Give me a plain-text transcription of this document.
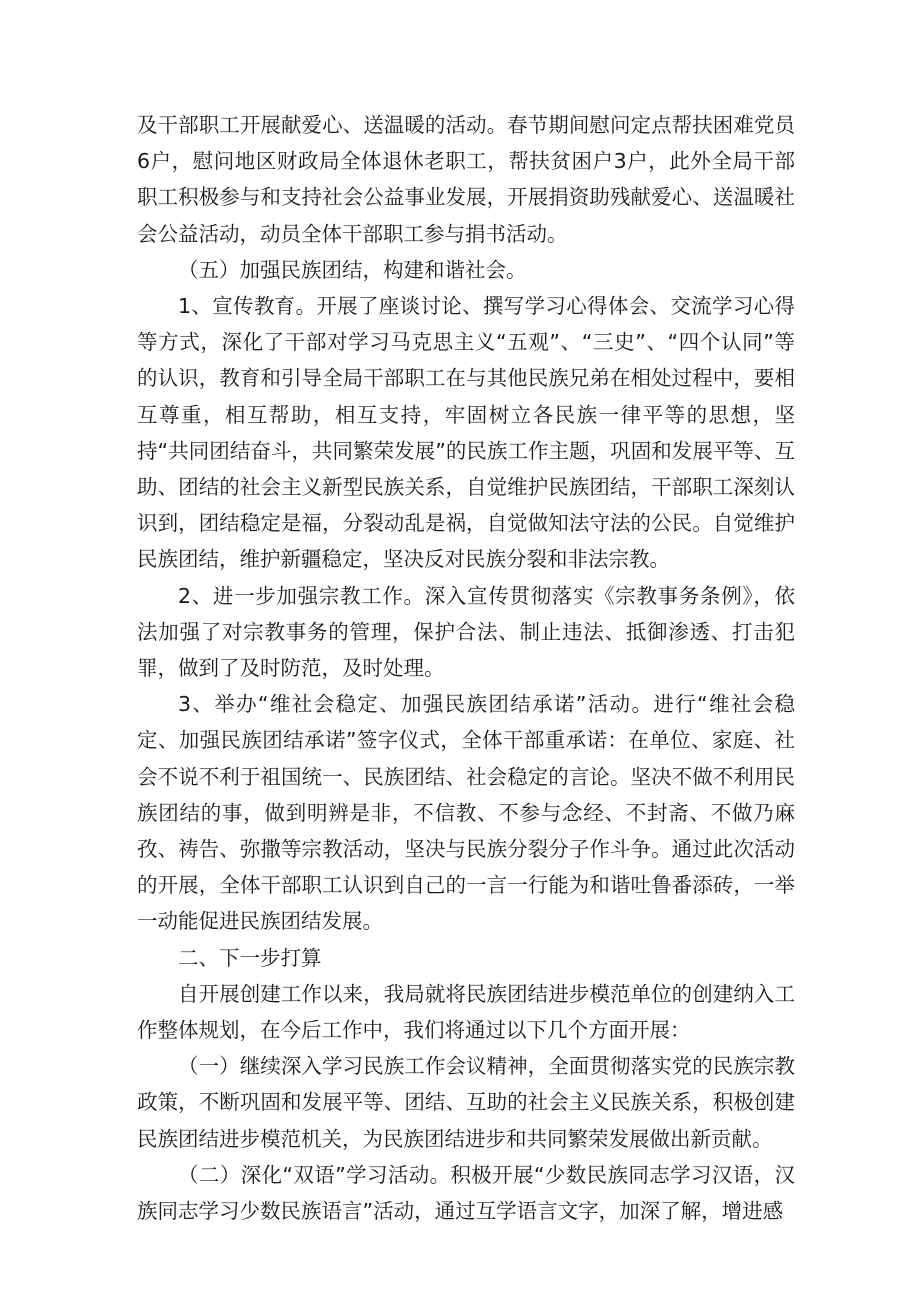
及干部职工开展献爱心、送温暖的活动。春节期间慰问定点帮扶困难党员6户，慰问地区财政局全体退休老职工，帮扶贫困户3户，此外全局干部职工积极参与和支持社会公益事业发展，开展捐资助残献爱心、送温暖社会公益活动，动员全体干部职工参与捐书活动。

（五）加强民族团结，构建和谐社会。

1、宣传教育。开展了座谈讨论、撰写学习心得体会、交流学习心得等方式，深化了干部对学习马克思主义“五观”、“三史”、“四个认同”等的认识，教育和引导全局干部职工在与其他民族兄弟在相处过程中，要相互尊重，相互帮助，相互支持，牢固树立各民族一律平等的思想，坚持“共同团结奋斗，共同繁荣发展”的民族工作主题，巩固和发展平等、互助、团结的社会主义新型民族关系，自觉维护民族团结，干部职工深刻认识到，团结稳定是福，分裂动乱是祸，自觉做知法守法的公民。自觉维护民族团结，维护新疆稳定，坚决反对民族分裂和非法宗教。

2、进一步加强宗教工作。深入宣传贯彻落实《宗教事务条例》，依法加强了对宗教事务的管理，保护合法、制止违法、抵御渗透、打击犯罪，做到了及时防范，及时处理。

3、举办“维社会稳定、加强民族团结承诺”活动。进行“维社会稳定、加强民族团结承诺”签字仪式，全体干部重承诺：在单位、家庭、社会不说不利于祖国统一、民族团结、社会稳定的言论。坚决不做不利用民族团结的事，做到明辨是非，不信教、不参与念经、不封斋、不做乃麻孜、祷告、弥撒等宗教活动，坚决与民族分裂分子作斗争。通过此次活动的开展，全体干部职工认识到自己的一言一行能为和谐吐鲁番添砖，一举一动能促进民族团结发展。

二、下一步打算

自开展创建工作以来，我局就将民族团结进步模范单位的创建纳入工作整体规划，在今后工作中，我们将通过以下几个方面开展：

（一）继续深入学习民族工作会议精神，全面贯彻落实党的民族宗教政策，不断巩固和发展平等、团结、互助的社会主义民族关系，积极创建民族团结进步模范机关，为民族团结进步和共同繁荣发展做出新贡献。

（二）深化“双语”学习活动。积极开展“少数民族同志学习汉语，汉族同志学习少数民族语言”活动，通过互学语言文字，加深了解，增进感
